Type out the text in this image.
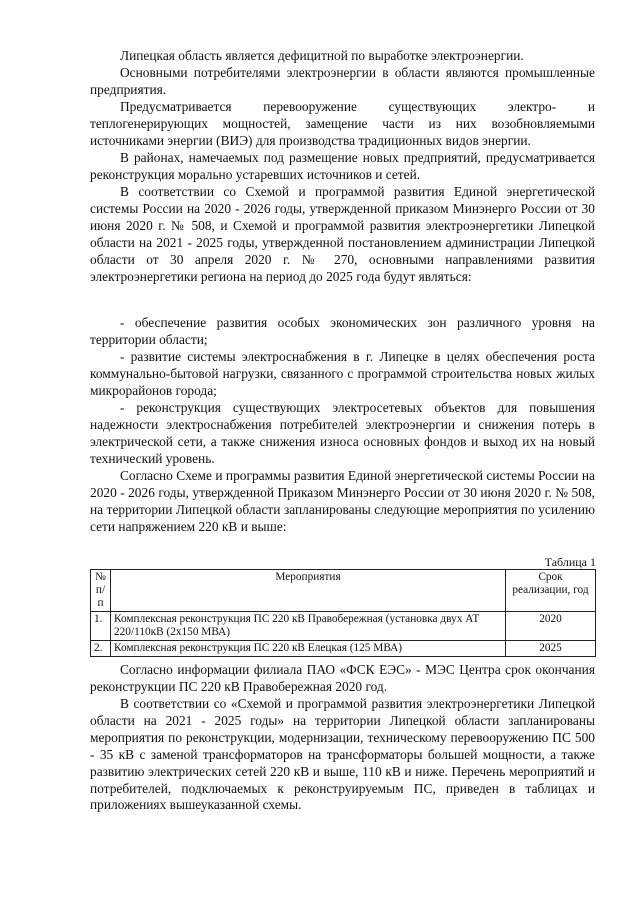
Липецкая область является дефицитной по выработке электроэнергии.

Основными потребителями электроэнергии в области являются промышленные предприятия.

Предусматривается перевооружение существующих электро- и теплогенерирующих мощностей, замещение части из них возобновляемыми источниками энергии (ВИЭ) для производства традиционных видов энергии.

В районах, намечаемых под размещение новых предприятий, предусматривается реконструкция морально устаревших источников и сетей.

В соответствии со Схемой и программой развития Единой энергетической системы России на 2020 - 2026 годы, утвержденной приказом Минэнерго России от 30 июня 2020 г. № 508, и Схемой и программой развития электроэнергетики Липецкой области на 2021 - 2025 годы, утвержденной постановлением администрации Липецкой области от 30 апреля 2020 г. № 270, основными направлениями развития электроэнергетики региона на период до 2025 года будут являться:

- обеспечение развития особых экономических зон различного уровня на территории области;

- развитие системы электроснабжения в г. Липецке в целях обеспечения роста коммунально-бытовой нагрузки, связанного с программой строительства новых жилых микрорайонов города;

- реконструкция существующих электросетевых объектов для повышения надежности электроснабжения потребителей электроэнергии и снижения потерь в электрической сети, а также снижения износа основных фондов и выход их на новый технический уровень.

Согласно Схеме и программы развития Единой энергетической системы России на 2020 - 2026 годы, утвержденной Приказом Минэнерго России от 30 июня 2020 г. № 508, на территории Липецкой области запланированы следующие мероприятия по усилению сети напряжением 220 кВ и выше:

Таблица 1
№ п/п	Мероприятия	Срок реализации, год
1.	Комплексная реконструкция ПС 220 кВ Правобережная (установка двух АТ 220/110кВ (2х150 МВА)	2020
2.	Комплексная реконструкция ПС 220 кВ Елецкая (125 МВА)	2025

Согласно информации филиала ПАО «ФСК ЕЭС» - МЭС Центра срок окончания реконструкции ПС 220 кВ Правобережная 2020 год.

В соответствии со «Схемой и программой развития электроэнергетики Липецкой области на 2021 - 2025 годы» на территории Липецкой области запланированы мероприятия по реконструкции, модернизации, техническому перевооружению ПС 500 - 35 кВ с заменой трансформаторов на трансформаторы большей мощности, а также развитию электрических сетей 220 кВ и выше, 110 кВ и ниже. Перечень мероприятий и потребителей, подключаемых к реконструируемым ПС, приведен в таблицах и приложениях вышеуказанной схемы.
